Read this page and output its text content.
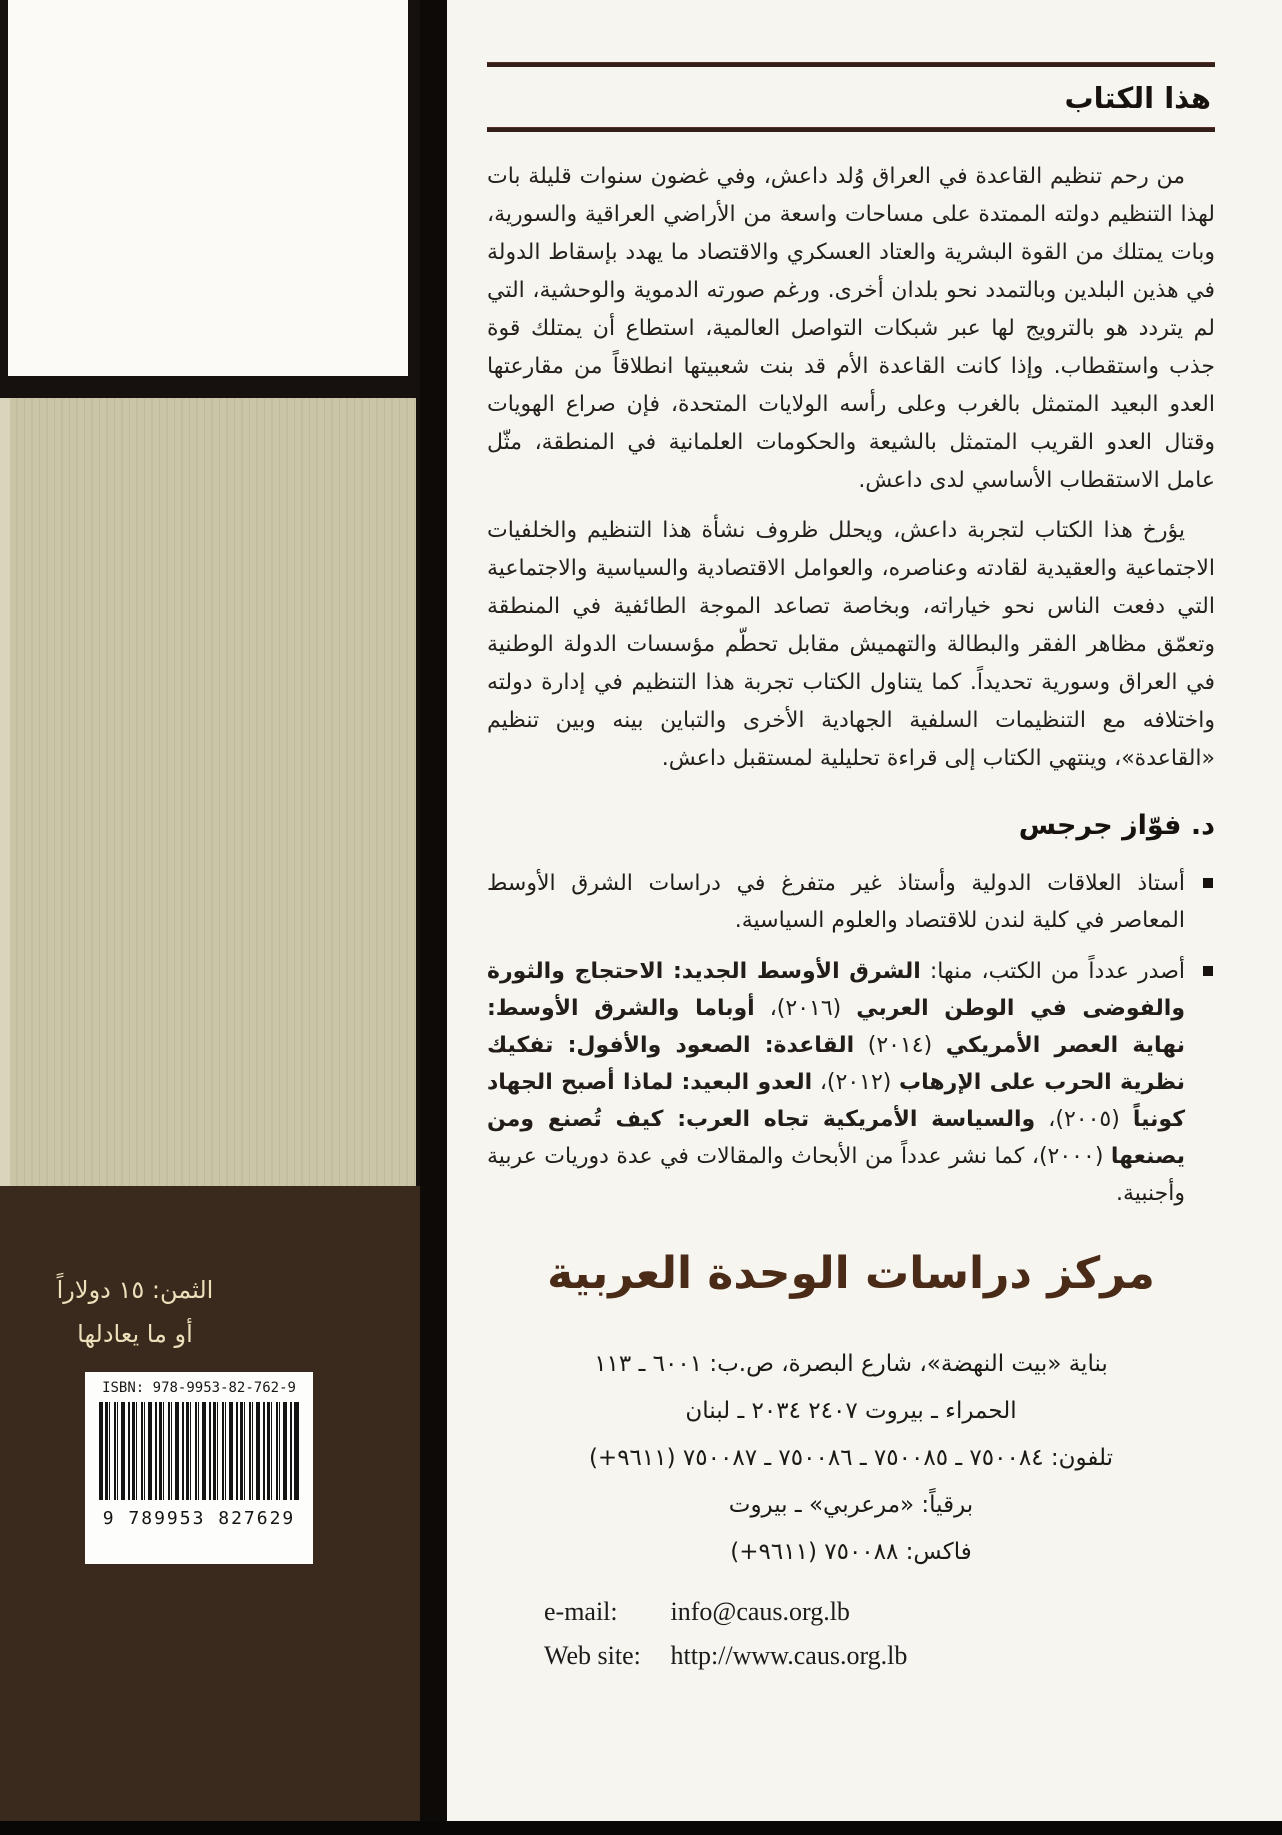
الثمن: ١٥ دولاراً
أو ما يعادلها
ISBN: 978-9953-82-762-9
9 789953 827629
هذا الكتاب

من رحم تنظيم القاعدة في العراق وُلد داعش، وفي غضون سنوات قليلة بات لهذا التنظيم دولته الممتدة على مساحات واسعة من الأراضي العراقية والسورية، وبات يمتلك من القوة البشرية والعتاد العسكري والاقتصاد ما يهدد بإسقاط الدولة في هذين البلدين وبالتمدد نحو بلدان أخرى. ورغم صورته الدموية والوحشية، التي لم يتردد هو بالترويج لها عبر شبكات التواصل العالمية، استطاع أن يمتلك قوة جذب واستقطاب. وإذا كانت القاعدة الأم قد بنت شعبيتها انطلاقاً من مقارعتها العدو البعيد المتمثل بالغرب وعلى رأسه الولايات المتحدة، فإن صراع الهويات وقتال العدو القريب المتمثل بالشيعة والحكومات العلمانية في المنطقة، مثّل عامل الاستقطاب الأساسي لدى داعش.

يؤرخ هذا الكتاب لتجربة داعش، ويحلل ظروف نشأة هذا التنظيم والخلفيات الاجتماعية والعقيدية لقادته وعناصره، والعوامل الاقتصادية والسياسية والاجتماعية التي دفعت الناس نحو خياراته، وبخاصة تصاعد الموجة الطائفية في المنطقة وتعمّق مظاهر الفقر والبطالة والتهميش مقابل تحطّم مؤسسات الدولة الوطنية في العراق وسورية تحديداً. كما يتناول الكتاب تجربة هذا التنظيم في إدارة دولته واختلافه مع التنظيمات السلفية الجهادية الأخرى والتباين بينه وبين تنظيم «القاعدة»، وينتهي الكتاب إلى قراءة تحليلية لمستقبل داعش.

د. فوّاز جرجس
أستاذ العلاقات الدولية وأستاذ غير متفرغ في دراسات الشرق الأوسط المعاصر في كلية لندن للاقتصاد والعلوم السياسية.
أصدر عدداً من الكتب، منها: الشرق الأوسط الجديد: الاحتجاج والثورة والفوضى في الوطن العربي (٢٠١٦)، أوباما والشرق الأوسط: نهاية العصر الأمريكي (٢٠١٤) القاعدة: الصعود والأفول: تفكيك نظرية الحرب على الإرهاب (٢٠١٢)، العدو البعيد: لماذا أصبح الجهاد كونياً (٢٠٠٥)، والسياسة الأمريكية تجاه العرب: كيف تُصنع ومن يصنعها (٢٠٠٠)، كما نشر عدداً من الأبحاث والمقالات في عدة دوريات عربية وأجنبية.
مركز دراسات الوحدة العربية
بناية «بيت النهضة»، شارع البصرة، ص.ب: ٦٠٠١ ـ ١١٣
الحمراء ـ بيروت ٢٤٠٧ ٢٠٣٤ ـ لبنان
تلفون: ٧٥٠٠٨٤ ـ ٧٥٠٠٨٥ ـ ٧٥٠٠٨٦ ـ ٧٥٠٠٨٧ (+٩٦١١)
برقياً: «مرعربي» ـ بيروت
فاكس: ٧٥٠٠٨٨ (+٩٦١١)
e-mail: info@caus.org.lb
Web site: http://www.caus.org.lb
